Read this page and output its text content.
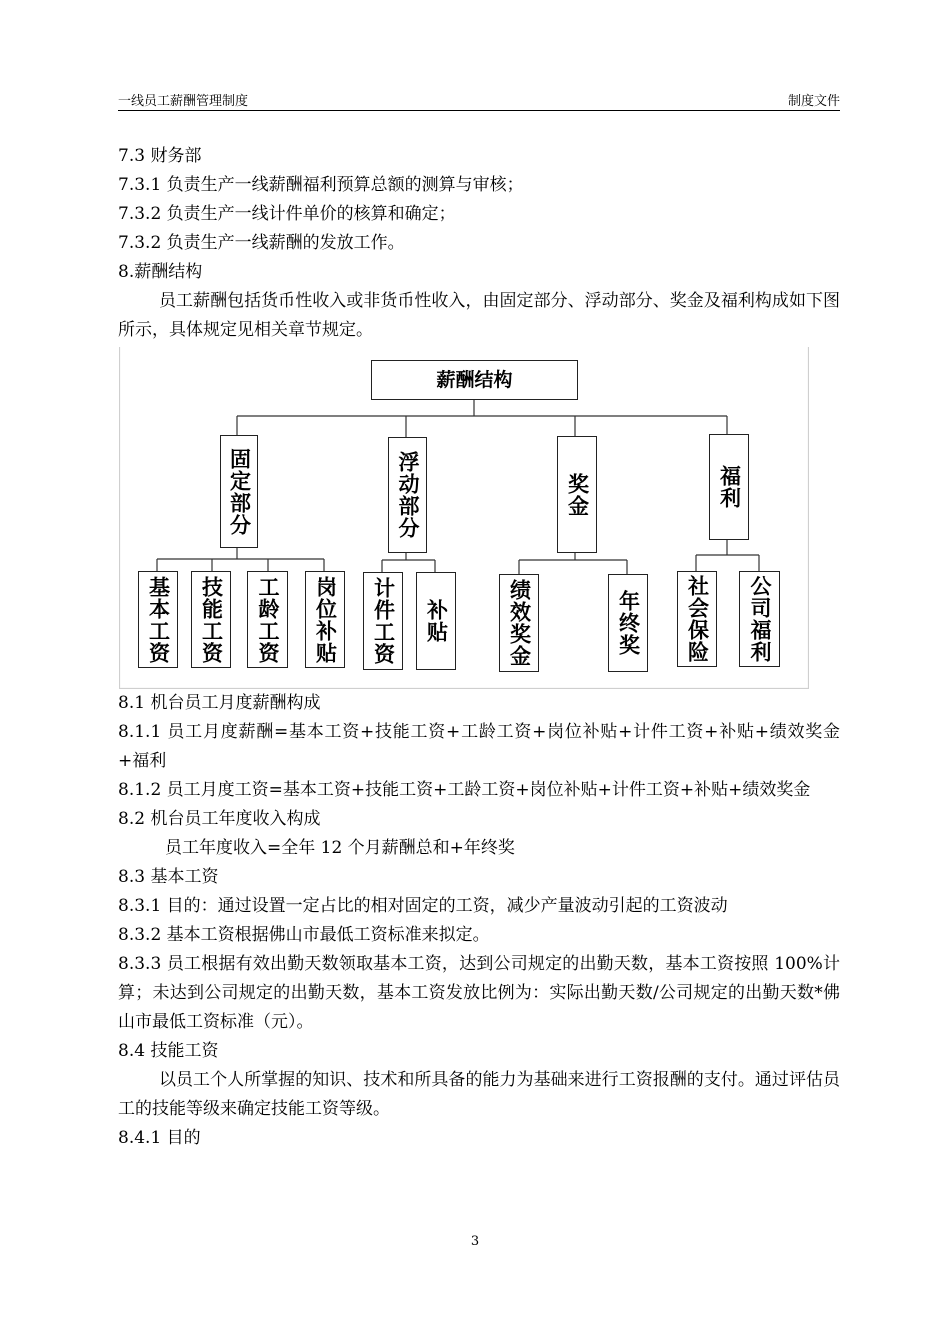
一线员工薪酬管理制度	制度文件

7.3 财务部

7.3.1 负责生产一线薪酬福利预算总额的测算与审核；

7.3.2 负责生产一线计件单价的核算和确定；

7.3.2 负责生产一线薪酬的发放工作。

8.薪酬结构

员工薪酬包括货币性收入或非货币性收入，由固定部分、浮动部分、奖金及福利构成如下图所示，具体规定见相关章节规定。

薪酬结构
固定部分	浮动部分	奖金	福利
基本工资 技能工资 工龄工资 岗位补贴 计件工资 补贴	绩效奖金	年终奖 社会保险 公司福利

8.1 机台员工月度薪酬构成

8.1.1 员工月度薪酬=基本工资+技能工资+工龄工资+岗位补贴+计件工资+补贴+绩效奖金+福利

8.1.2 员工月度工资=基本工资+技能工资+工龄工资+岗位补贴+计件工资+补贴+绩效奖金

8.2 机台员工年度收入构成

员工年度收入=全年 12 个月薪酬总和+年终奖

8.3 基本工资

8.3.1 目的：通过设置一定占比的相对固定的工资，减少产量波动引起的工资波动

8.3.2 基本工资根据佛山市最低工资标准来拟定。

8.3.3 员工根据有效出勤天数领取基本工资，达到公司规定的出勤天数，基本工资按照 100%计算；未达到公司规定的出勤天数，基本工资发放比例为：实际出勤天数/公司规定的出勤天数*佛山市最低工资标准（元）。

8.4 技能工资

以员工个人所掌握的知识、技术和所具备的能力为基础来进行工资报酬的支付。通过评估员工的技能等级来确定技能工资等级。

8.4.1 目的

3
